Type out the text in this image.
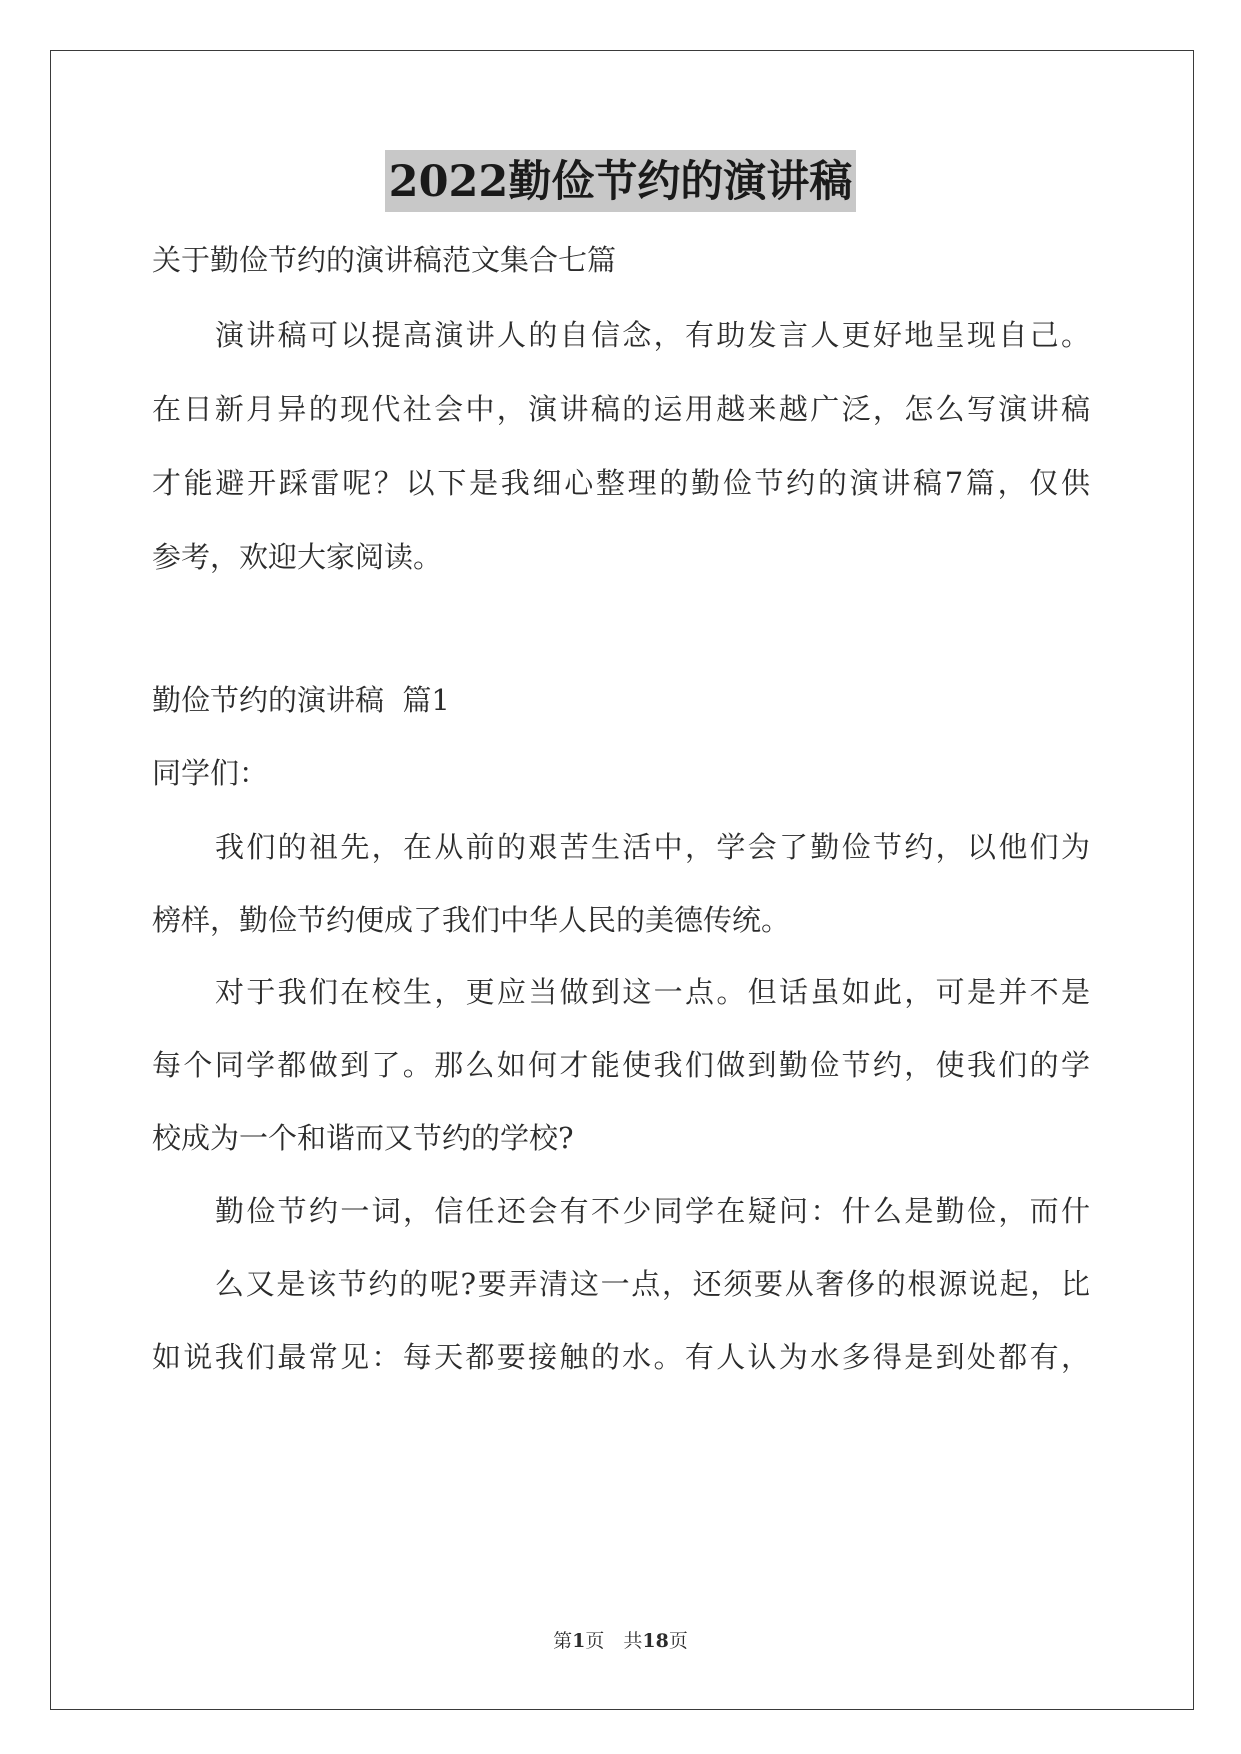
2022勤俭节约的演讲稿
关于勤俭节约的演讲稿范文集合七篇
演讲稿可以提高演讲人的自信念，有助发言人更好地呈现自己。
在日新月异的现代社会中，演讲稿的运用越来越广泛，怎么写演讲稿
才能避开踩雷呢？以下是我细心整理的勤俭节约的演讲稿7篇，仅供
参考，欢迎大家阅读。
勤俭节约的演讲稿  篇1
同学们：
我们的祖先，在从前的艰苦生活中，学会了勤俭节约，以他们为
榜样，勤俭节约便成了我们中华人民的美德传统。
对于我们在校生，更应当做到这一点。但话虽如此，可是并不是
每个同学都做到了。那么如何才能使我们做到勤俭节约，使我们的学
校成为一个和谐而又节约的学校?
勤俭节约一词，信任还会有不少同学在疑问：什么是勤俭，而什
么又是该节约的呢?要弄清这一点，还须要从奢侈的根源说起，比
如说我们最常见：每天都要接触的水。有人认为水多得是到处都有，
第1页　共18页
